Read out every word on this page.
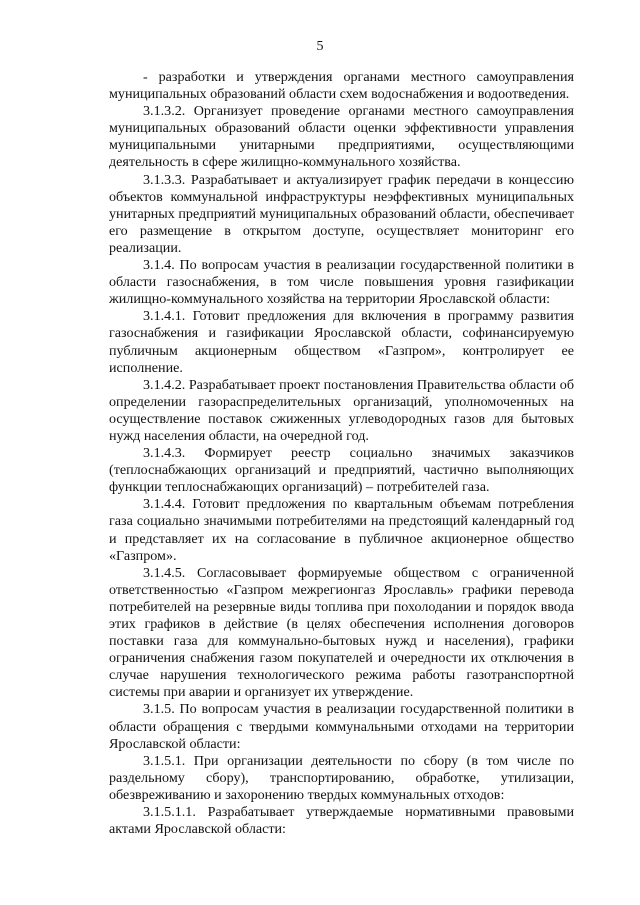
5

- разработки и утверждения органами местного самоуправления муниципальных образований области схем водоснабжения и водоотведения.

3.1.3.2. Организует проведение органами местного самоуправления муниципальных образований области оценки эффективности управления муниципальными унитарными предприятиями, осуществляющими деятельность в сфере жилищно-коммунального хозяйства.

3.1.3.3. Разрабатывает и актуализирует график передачи в концессию объектов коммунальной инфраструктуры неэффективных муниципальных унитарных предприятий муниципальных образований области, обеспечивает его размещение в открытом доступе, осуществляет мониторинг его реализации.

3.1.4. По вопросам участия в реализации государственной политики в области газоснабжения, в том числе повышения уровня газификации жилищно-коммунального хозяйства на территории Ярославской области:

3.1.4.1. Готовит предложения для включения в программу развития газоснабжения и газификации Ярославской области, софинансируемую публичным акционерным обществом «Газпром», контролирует ее исполнение.

3.1.4.2. Разрабатывает проект постановления Правительства области об определении газораспределительных организаций, уполномоченных на осуществление поставок сжиженных углеводородных газов для бытовых нужд населения области, на очередной год.

3.1.4.3. Формирует реестр социально значимых заказчиков (теплоснабжающих организаций и предприятий, частично выполняющих функции теплоснабжающих организаций) – потребителей газа.

3.1.4.4. Готовит предложения по квартальным объемам потребления газа социально значимыми потребителями на предстоящий календарный год и представляет их на согласование в публичное акционерное общество «Газпром».

3.1.4.5. Согласовывает формируемые обществом с ограниченной ответственностью «Газпром межрегионгаз Ярославль» графики перевода потребителей на резервные виды топлива при похолодании и порядок ввода этих графиков в действие (в целях обеспечения исполнения договоров поставки газа для коммунально-бытовых нужд и населения), графики ограничения снабжения газом покупателей и очередности их отключения в случае нарушения технологического режима работы газотранспортной системы при аварии и организует их утверждение.

3.1.5. По вопросам участия в реализации государственной политики в области обращения с твердыми коммунальными отходами на территории Ярославской области:

3.1.5.1. При организации деятельности по сбору (в том числе по раздельному сбору), транспортированию, обработке, утилизации, обезвреживанию и захоронению твердых коммунальных отходов:

3.1.5.1.1. Разрабатывает утверждаемые нормативными правовыми актами Ярославской области:
